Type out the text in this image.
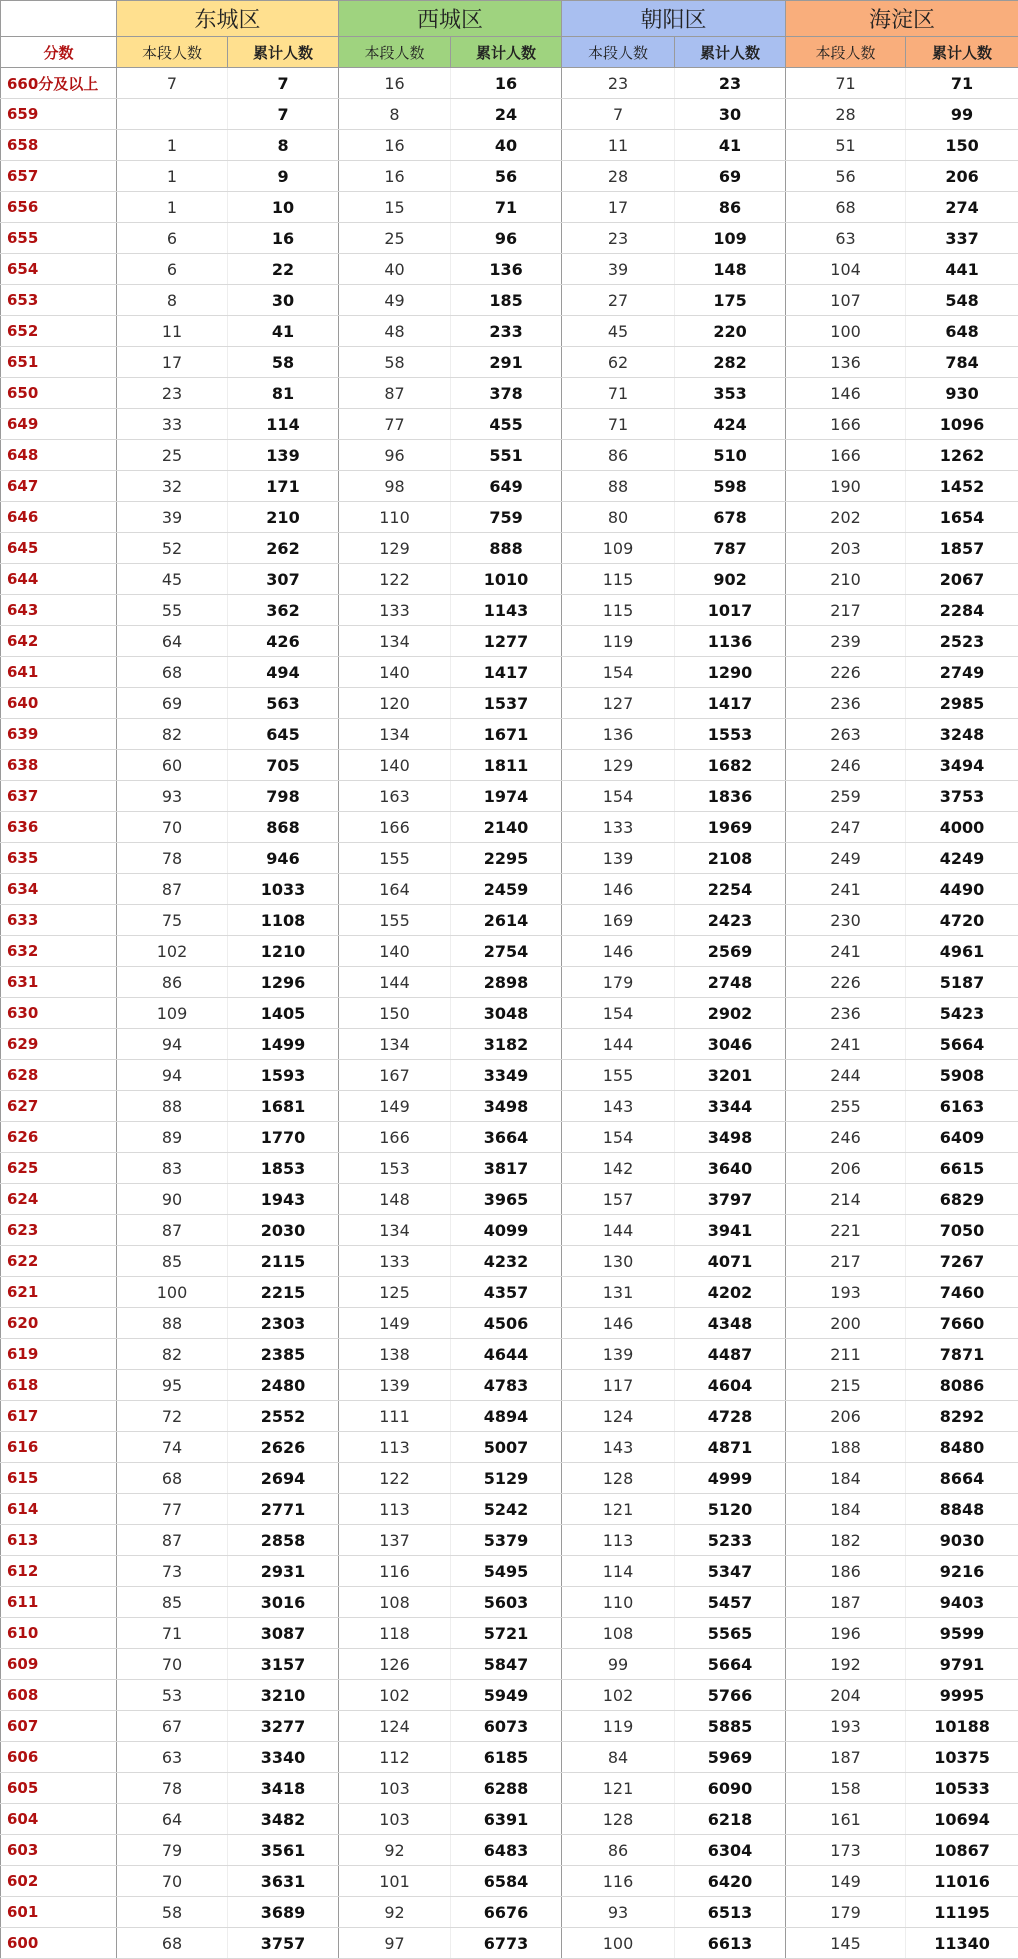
	东城区		西城区		朝阳区		海淀区	
分数	本段人数	累计人数	本段人数	累计人数	本段人数	累计人数	本段人数	累计人数
660分及以上	7	7	16	16	23	23	71	71
659		7	8	24	7	30	28	99
658	1	8	16	40	11	41	51	150
657	1	9	16	56	28	69	56	206
656	1	10	15	71	17	86	68	274
655	6	16	25	96	23	109	63	337
654	6	22	40	136	39	148	104	441
653	8	30	49	185	27	175	107	548
652	11	41	48	233	45	220	100	648
651	17	58	58	291	62	282	136	784
650	23	81	87	378	71	353	146	930
649	33	114	77	455	71	424	166	1096
648	25	139	96	551	86	510	166	1262
647	32	171	98	649	88	598	190	1452
646	39	210	110	759	80	678	202	1654
645	52	262	129	888	109	787	203	1857
644	45	307	122	1010	115	902	210	2067
643	55	362	133	1143	115	1017	217	2284
642	64	426	134	1277	119	1136	239	2523
641	68	494	140	1417	154	1290	226	2749
640	69	563	120	1537	127	1417	236	2985
639	82	645	134	1671	136	1553	263	3248
638	60	705	140	1811	129	1682	246	3494
637	93	798	163	1974	154	1836	259	3753
636	70	868	166	2140	133	1969	247	4000
635	78	946	155	2295	139	2108	249	4249
634	87	1033	164	2459	146	2254	241	4490
633	75	1108	155	2614	169	2423	230	4720
632	102	1210	140	2754	146	2569	241	4961
631	86	1296	144	2898	179	2748	226	5187
630	109	1405	150	3048	154	2902	236	5423
629	94	1499	134	3182	144	3046	241	5664
628	94	1593	167	3349	155	3201	244	5908
627	88	1681	149	3498	143	3344	255	6163
626	89	1770	166	3664	154	3498	246	6409
625	83	1853	153	3817	142	3640	206	6615
624	90	1943	148	3965	157	3797	214	6829
623	87	2030	134	4099	144	3941	221	7050
622	85	2115	133	4232	130	4071	217	7267
621	100	2215	125	4357	131	4202	193	7460
620	88	2303	149	4506	146	4348	200	7660
619	82	2385	138	4644	139	4487	211	7871
618	95	2480	139	4783	117	4604	215	8086
617	72	2552	111	4894	124	4728	206	8292
616	74	2626	113	5007	143	4871	188	8480
615	68	2694	122	5129	128	4999	184	8664
614	77	2771	113	5242	121	5120	184	8848
613	87	2858	137	5379	113	5233	182	9030
612	73	2931	116	5495	114	5347	186	9216
611	85	3016	108	5603	110	5457	187	9403
610	71	3087	118	5721	108	5565	196	9599
609	70	3157	126	5847	99	5664	192	9791
608	53	3210	102	5949	102	5766	204	9995
607	67	3277	124	6073	119	5885	193	10188
606	63	3340	112	6185	84	5969	187	10375
605	78	3418	103	6288	121	6090	158	10533
604	64	3482	103	6391	128	6218	161	10694
603	79	3561	92	6483	86	6304	173	10867
602	70	3631	101	6584	116	6420	149	11016
601	58	3689	92	6676	93	6513	179	11195
600	68	3757	97	6773	100	6613	145	11340
